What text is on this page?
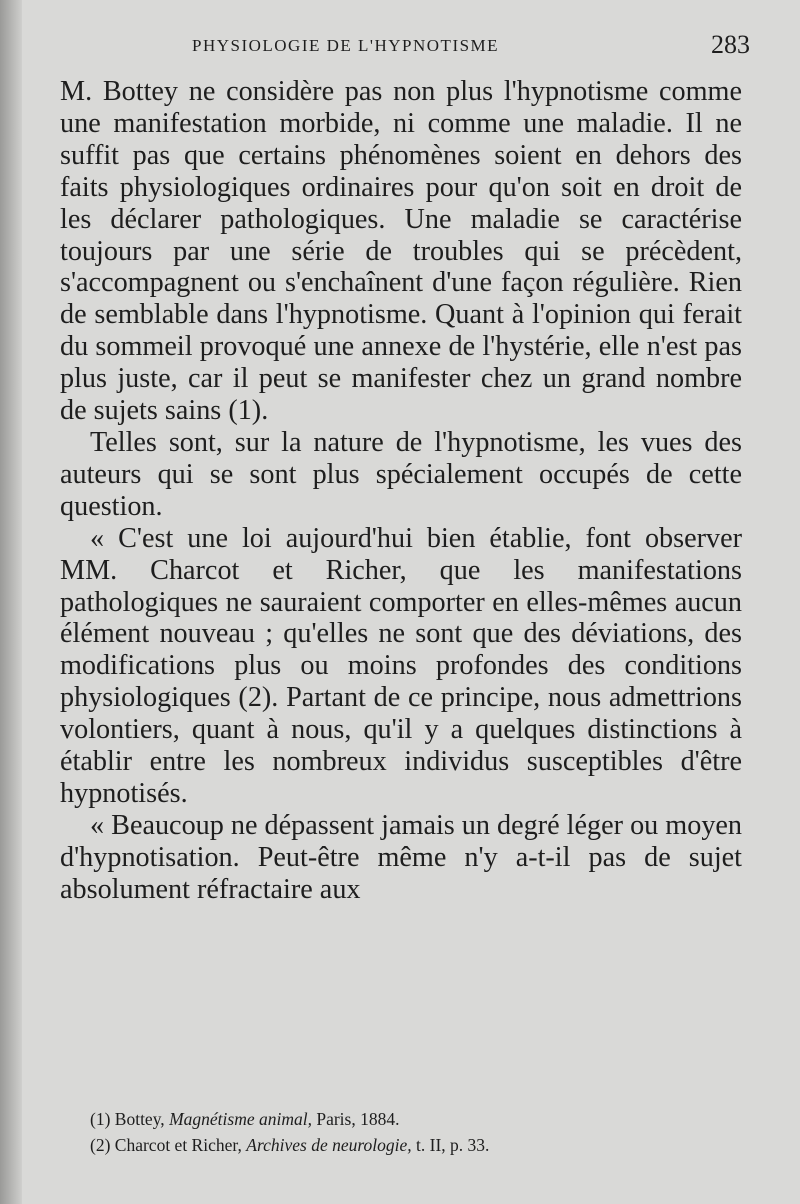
PHYSIOLOGIE DE L'HYPNOTISME	283

M. Bottey ne considère pas non plus l'hypnotisme comme une manifestation morbide, ni comme une maladie. Il ne suffit pas que certains phénomènes soient en dehors des faits physiologiques ordinaires pour qu'on soit en droit de les déclarer pathologiques. Une maladie se caractérise toujours par une série de troubles qui se précèdent, s'accompagnent ou s'enchaînent d'une façon régulière. Rien de semblable dans l'hypnotisme. Quant à l'opinion qui ferait du sommeil provoqué une annexe de l'hystérie, elle n'est pas plus juste, car il peut se manifester chez un grand nombre de sujets sains (1).

Telles sont, sur la nature de l'hypnotisme, les vues des auteurs qui se sont plus spécialement occupés de cette question.

« C'est une loi aujourd'hui bien établie, font observer MM. Charcot et Richer, que les manifestations pathologiques ne sauraient comporter en elles-mêmes aucun élément nouveau ; qu'elles ne sont que des déviations, des modifications plus ou moins profondes des conditions physiologiques (2). Partant de ce principe, nous admettrions volontiers, quant à nous, qu'il y a quelques distinctions à établir entre les nombreux individus susceptibles d'être hypnotisés.

« Beaucoup ne dépassent jamais un degré léger ou moyen d'hypnotisation. Peut-être même n'y a-t-il pas de sujet absolument réfractaire aux

(1) Bottey, Magnétisme animal, Paris, 1884.
(2) Charcot et Richer, Archives de neurologie, t. II, p. 33.
